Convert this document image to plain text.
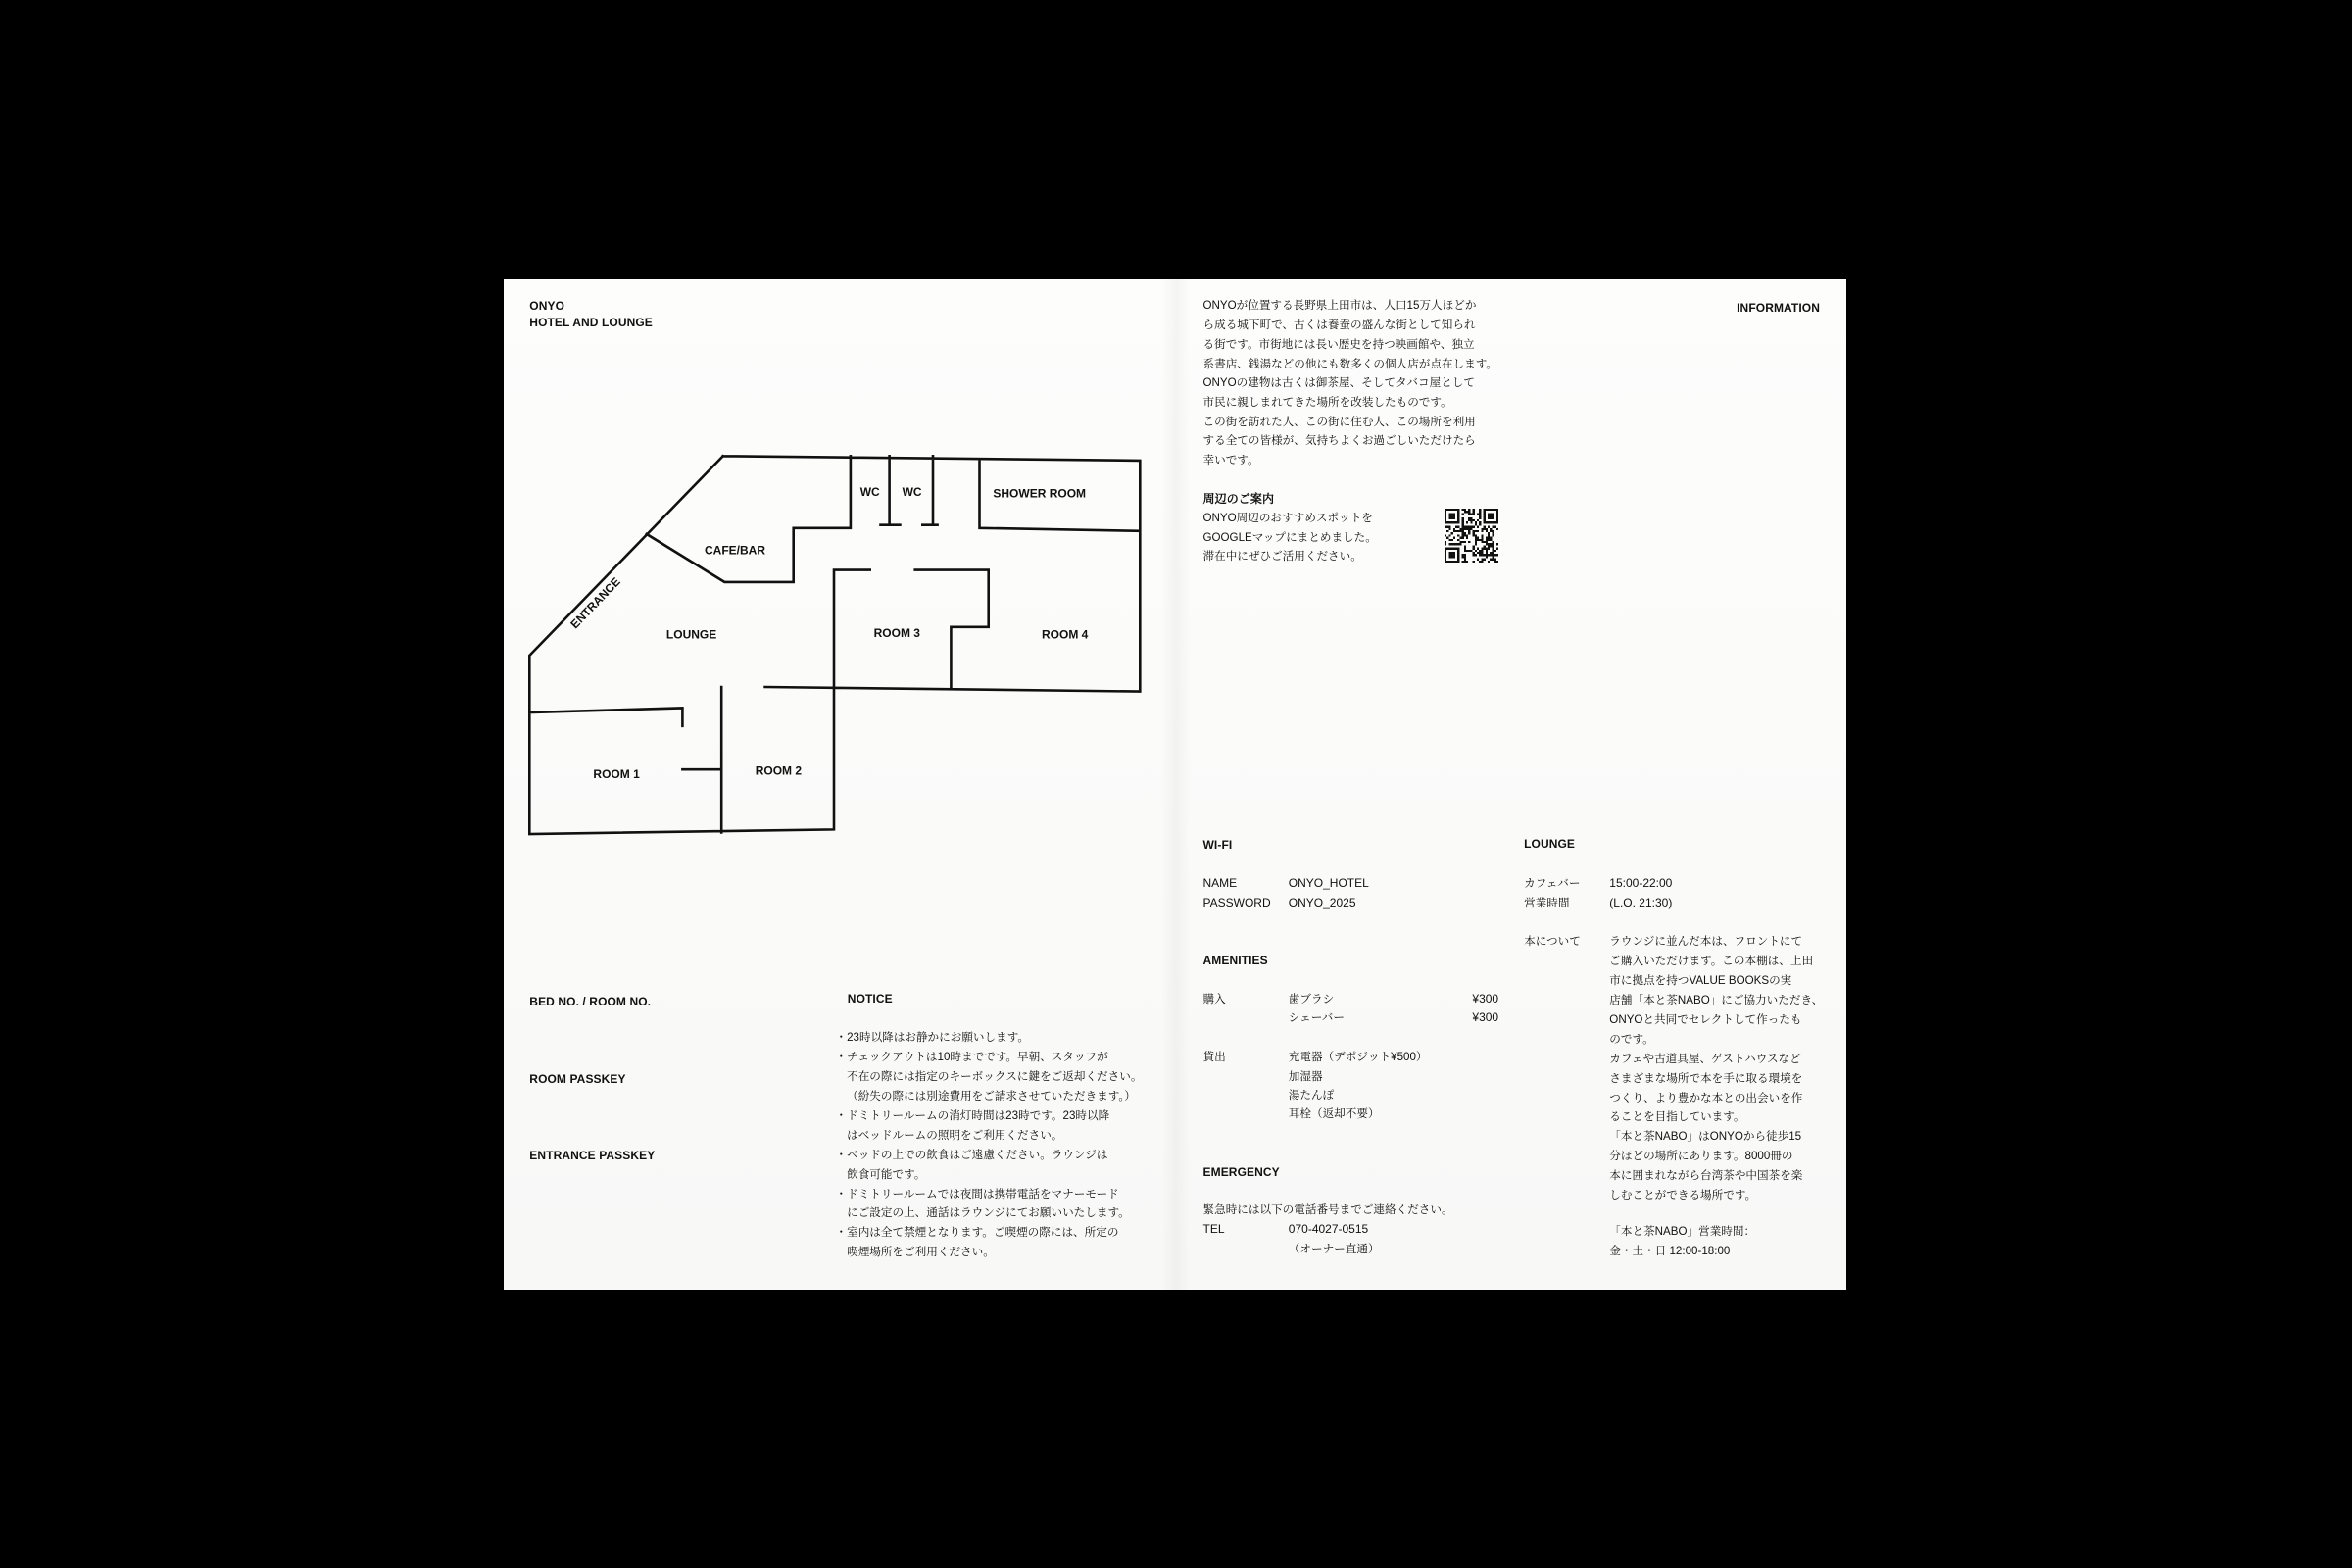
ONYO
HOTEL AND LOUNGE
WC WC	SHOWER ROOM
CAFE/BAR
ENTRANCE
LOUNGE	ROOM 3	ROOM 4
ROOM 1	ROOM 2
BED NO. / ROOM NO.
ROOM PASSKEY
ENTRANCE PASSKEY
NOTICE
・23時以降はお静かにお願いします。
・チェックアウトは10時までです。早朝、スタッフが
不在の際には指定のキーボックスに鍵をご返却ください。
（紛失の際には別途費用をご請求させていただきます。）
・ドミトリールームの消灯時間は23時です。23時以降
はベッドルームの照明をご利用ください。
・ベッドの上での飲食はご遠慮ください。ラウンジは
飲食可能です。
・ドミトリールームでは夜間は携帯電話をマナーモード
にご設定の上、通話はラウンジにてお願いいたします。
・室内は全て禁煙となります。ご喫煙の際には、所定の
喫煙場所をご利用ください。
ONYOが位置する長野県上田市は、人口15万人ほどか
ら成る城下町で、古くは養蚕の盛んな街として知られ
る街です。市街地には長い歴史を持つ映画館や、独立
系書店、銭湯などの他にも数多くの個人店が点在します。
ONYOの建物は古くは御茶屋、そしてタバコ屋として
市民に親しまれてきた場所を改装したものです。
この街を訪れた人、この街に住む人、この場所を利用
する全ての皆様が、気持ちよくお過ごしいただけたら
幸いです。
INFORMATION
周辺のご案内
ONYO周辺のおすすめスポットを
GOOGLEマップにまとめました。
滞在中にぜひご活用ください。
WI-FI
NAME	ONYO_HOTEL
PASSWORD ONYO_2025
AMENITIES
購入	歯ブラシ	¥300
シェーバー	¥300
貸出	充電器（デポジット¥500）
加湿器
湯たんぽ
耳栓（返却不要）
EMERGENCY
緊急時には以下の電話番号までご連絡ください。
TEL	070-4027-0515
（オーナー直通）
LOUNGE
カフェバー 15:00-22:00
営業時間	(L.O. 21:30)
本について	ラウンジに並んだ本は、フロントにて
ご購入いただけます。この本棚は、上田
市に拠点を持つVALUE BOOKSの実
店舗「本と茶NABO」にご協力いただき、
ONYOと共同でセレクトして作ったも
のです。
カフェや古道具屋、ゲストハウスなど
さまざまな場所で本を手に取る環境を
つくり、より豊かな本との出会いを作
ることを目指しています。
「本と茶NABO」はONYOから徒歩15
分ほどの場所にあります。8000冊の
本に囲まれながら台湾茶や中国茶を楽
しむことができる場所です。
「本と茶NABO」営業時間：
金・土・日 12:00-18:00
